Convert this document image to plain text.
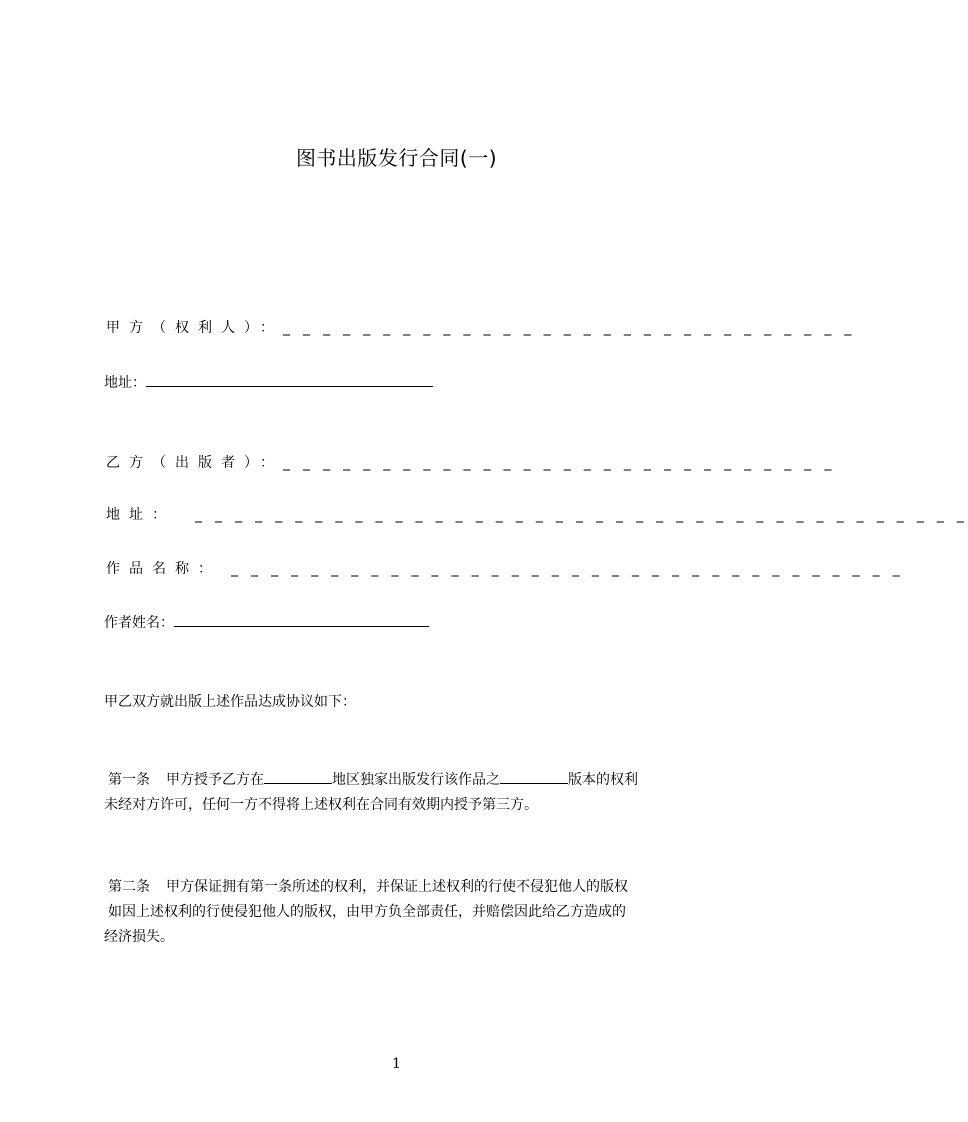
图书出版发行合同(一)
甲方（权利人）：_ _ _ _ _ _ _ _ _ _ _ _ _ _ _ _ _ _ _ _ _ _ _ _ _ _ _ _ _
地址：
乙方（出版者）：_ _ _ _ _ _ _ _ _ _ _ _ _ _ _ _ _ _ _ _ _ _ _ _ _ _ _ _
地址： _ _ _ _ _ _ _ _ _ _ _ _ _ _ _ _ _ _ _ _ _ _ _ _ _ _ _ _ _ _ _ _ _ _ _ _ _ _ _
作品名称： _ _ _ _ _ _ _ _ _ _ _ _ _ _ _ _ _ _ _ _ _ _ _ _ _ _ _ _ _ _ _ _ _ _
作者姓名：
甲乙双方就出版上述作品达成协议如下：
第一条 甲方授予乙方在	地区独家出版发行该作品之	版本的权利
未经对方许可，任何一方不得将上述权利在合同有效期内授予第三方。
第二条 甲方保证拥有第一条所述的权利，并保证上述权利的行使不侵犯他人的版权
如因上述权利的行使侵犯他人的版权，由甲方负全部责任，并赔偿因此给乙方造成的
经济损失。
1
